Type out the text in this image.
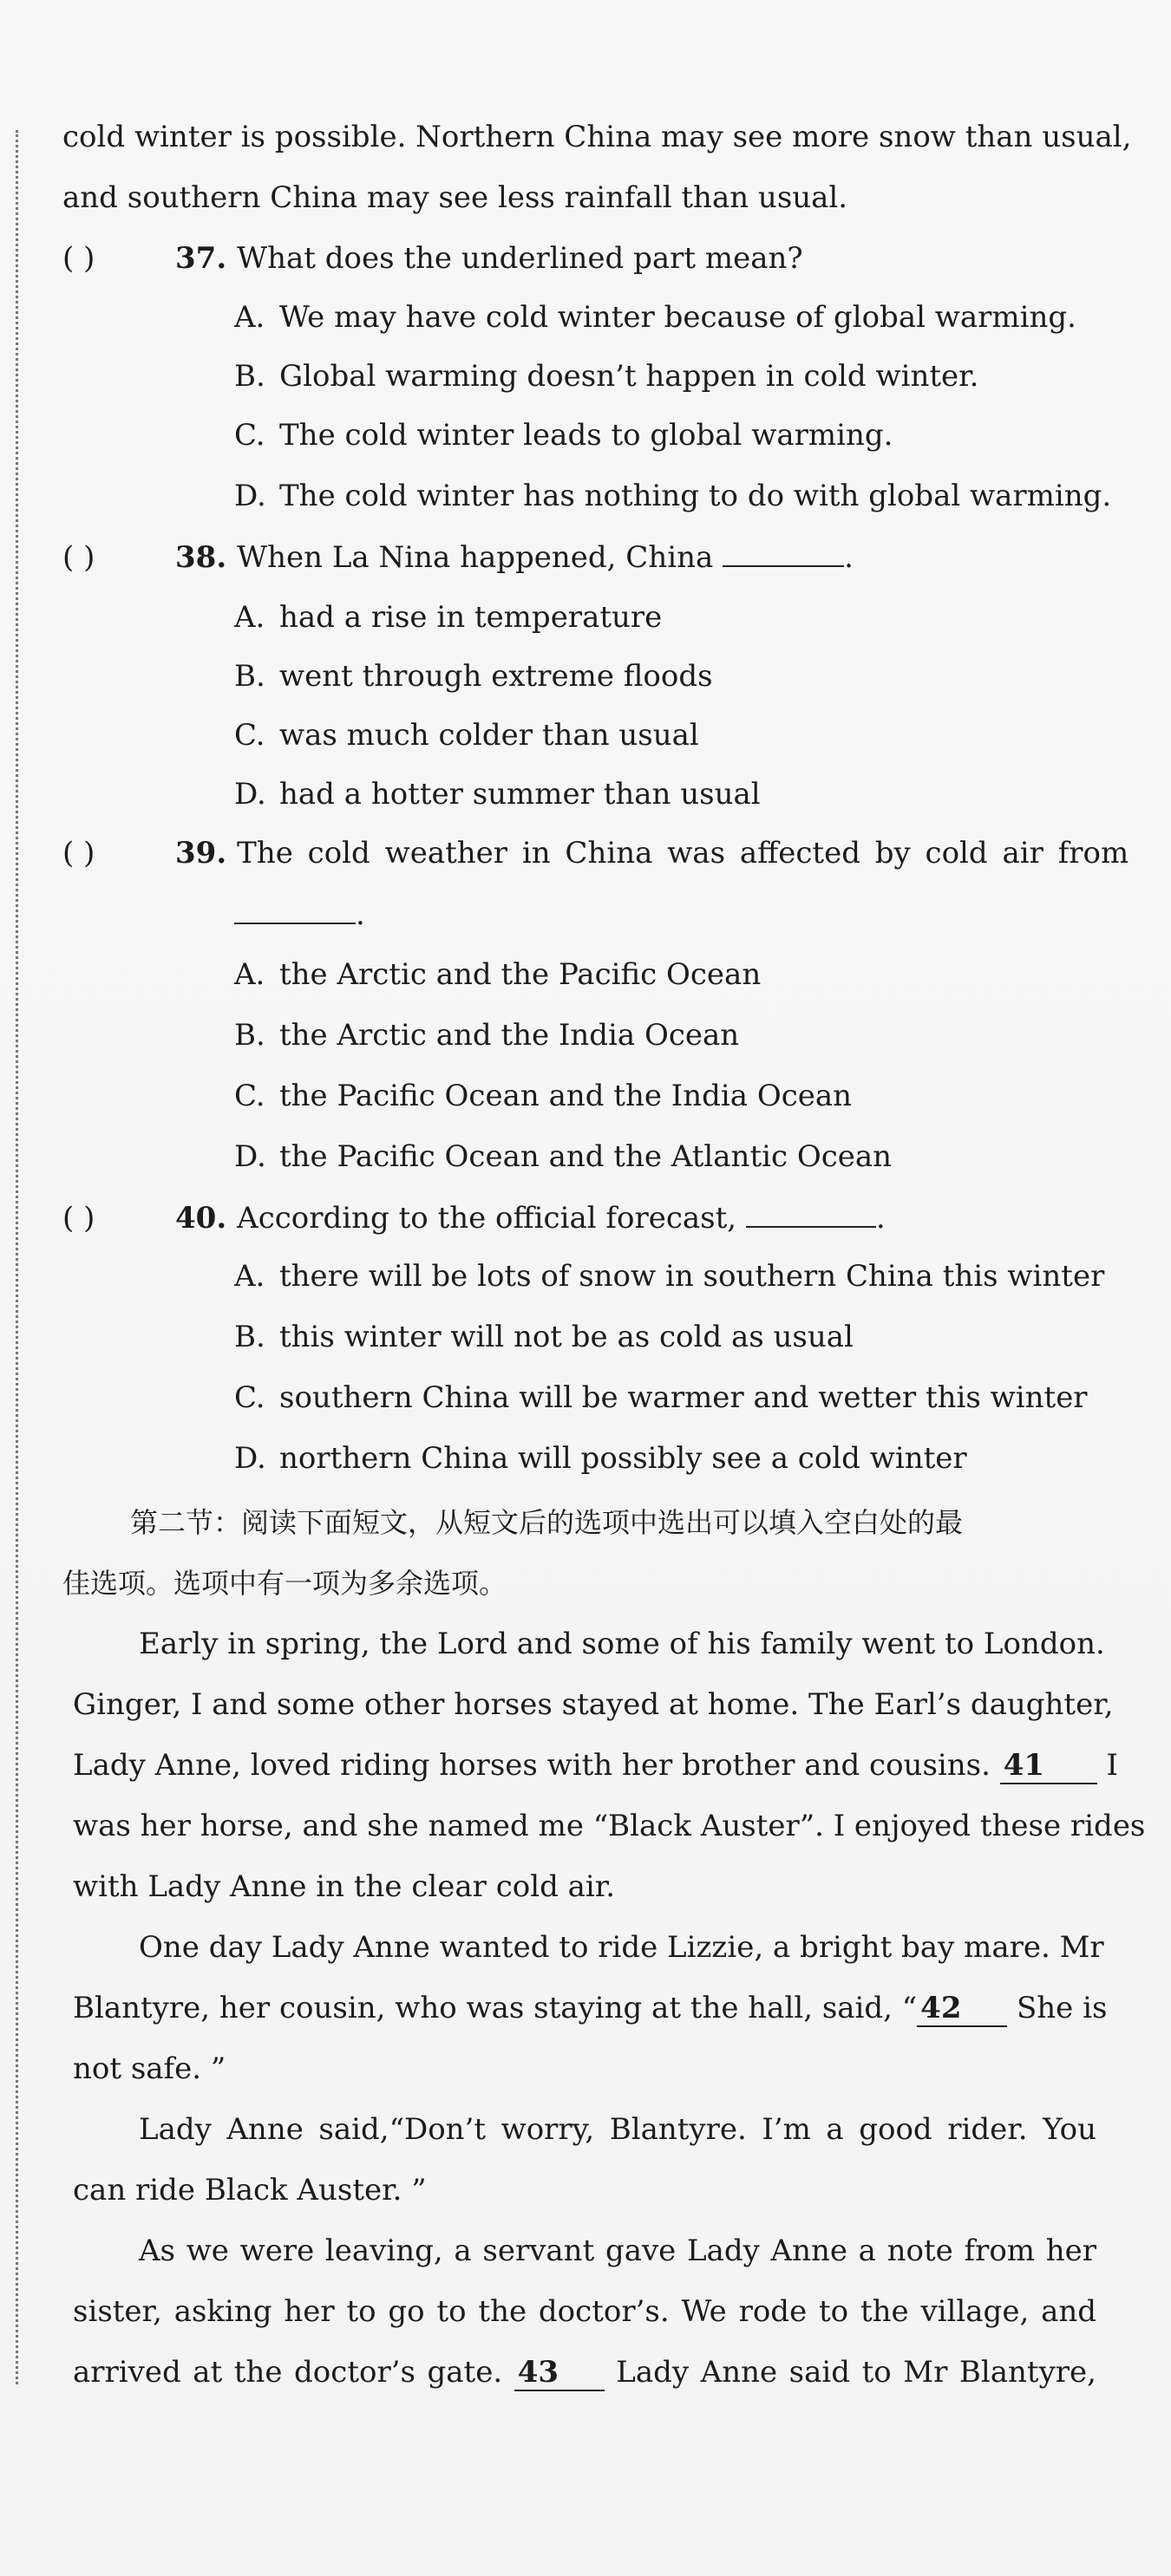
cold winter is possible. Northern China may see more snow than usual,
and southern China may see less rainfall than usual.
( )	37. What does the underlined part mean?
A. We may have cold winter because of global warming.
B. Global warming doesn’t happen in cold winter.
C. The cold winter leads to global warming.
D. The cold winter has nothing to do with global warming.
( )	38. When La Nina happened, China	.
A. had a rise in temperature
B. went through extreme floods
C. was much colder than usual
D. had a hotter summer than usual
( )	39. The cold weather in China was affected by cold air from
.
A. the Arctic and the Pacific Ocean
B. the Arctic and the India Ocean
C. the Pacific Ocean and the India Ocean
D. the Pacific Ocean and the Atlantic Ocean
( )	40. According to the official forecast,	.
A. there will be lots of snow in southern China this winter
B. this winter will not be as cold as usual
C. southern China will be warmer and wetter this winter
D. northern China will possibly see a cold winter
第二节：阅读下面短文，从短文后的选项中选出可以填入空白处的最
佳选项。选项中有一项为多余选项。
Early in spring, the Lord and some of his family went to London.
Ginger, I and some other horses stayed at home. The Earl’s daughter,
Lady Anne, loved riding horses with her brother and cousins. 41 I
was her horse, and she named me “Black Auster”. I enjoyed these rides
with Lady Anne in the clear cold air.
One day Lady Anne wanted to ride Lizzie, a bright bay mare. Mr
Blantyre, her cousin, who was staying at the hall, said, “ 42 She is
not safe. ”
Lady Anne said,“Don’t worry, Blantyre. I’m a good rider. You
can ride Black Auster. ”
As we were leaving, a servant gave Lady Anne a note from her
sister, asking her to go to the doctor’s. We rode to the village, and
arrived at the doctor’s gate. 43 Lady Anne said to Mr Blantyre,
